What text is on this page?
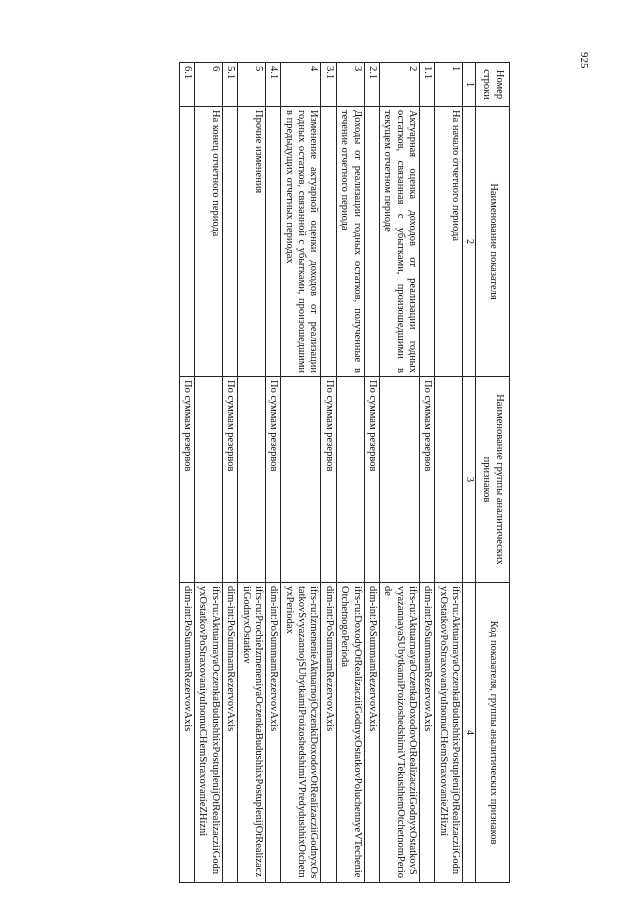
925
Номер строки	Наименование показателя	Наименование группы аналитических признаков	Код показателя, группы аналитических признаков
1	2	3	4
1	На начало отчетного периода		ifrs-ru:AktuarnayaOczenkaBudushhixPostuplenijOtRealizacziiGodnyxOstatkovPoStraxovaniyuInomuCHemStraxovanieZHizni
1.1		По суммам резервов	dim-int:PoSummamRezervovAxis
2	Актуарная оценка доходов от реализации годных остатков, связанная с убытками, произошедшими в текущем отчетном периоде		ifrs-ru:AktuarnayaOczenkaDoxodovOtRealizacziiGodnyxOstatkovSvyazannayaSUbytkamiProizoshedshimiVTekushhemOtchetnomPeriode
2.1		По суммам резервов	dim-int:PoSummamRezervovAxis
3	Доходы от реализации годных остатков, полученные в течение отчетного периода		ifrs-ru:DoxodyOtRealizacziiGodnyxOstatkovPoluchennyeVTechenieOtchetnogoPerioda
3.1		По суммам резервов	dim-int:PoSummamRezervovAxis
4	Изменение актуарной оценки доходов от реализации годных остатков, связанной с убытками, произошедшими в предыдущих отчетных периодах		ifrs-ru:IzmenenieAktuarnojOczenkiDoxodovOtRealizacziiGodnyxOstatkovSvyazannojSUbytkamiProizoshedshimiVPredydushhixOtchetnyxPeriodax
4.1		По суммам резервов	dim-int:PoSummamRezervovAxis
5	Прочие изменения		ifrs-ru:ProchieIzmeneniyaOczenkaBudushhixPostuplenijOtRealizacziiGodnyxOstatkov
5.1		По суммам резервов	dim-int:PoSummamRezervovAxis
6	На конец отчетного периода		ifrs-ru:AktuarnayaOczenkaBudushhixPostuplenijOtRealizacziiGodnyxOstatkovPoStraxovaniyuInomuCHemStraxovanieZHizni
6.1		По суммам резервов	dim-int:PoSummamRezervovAxis
